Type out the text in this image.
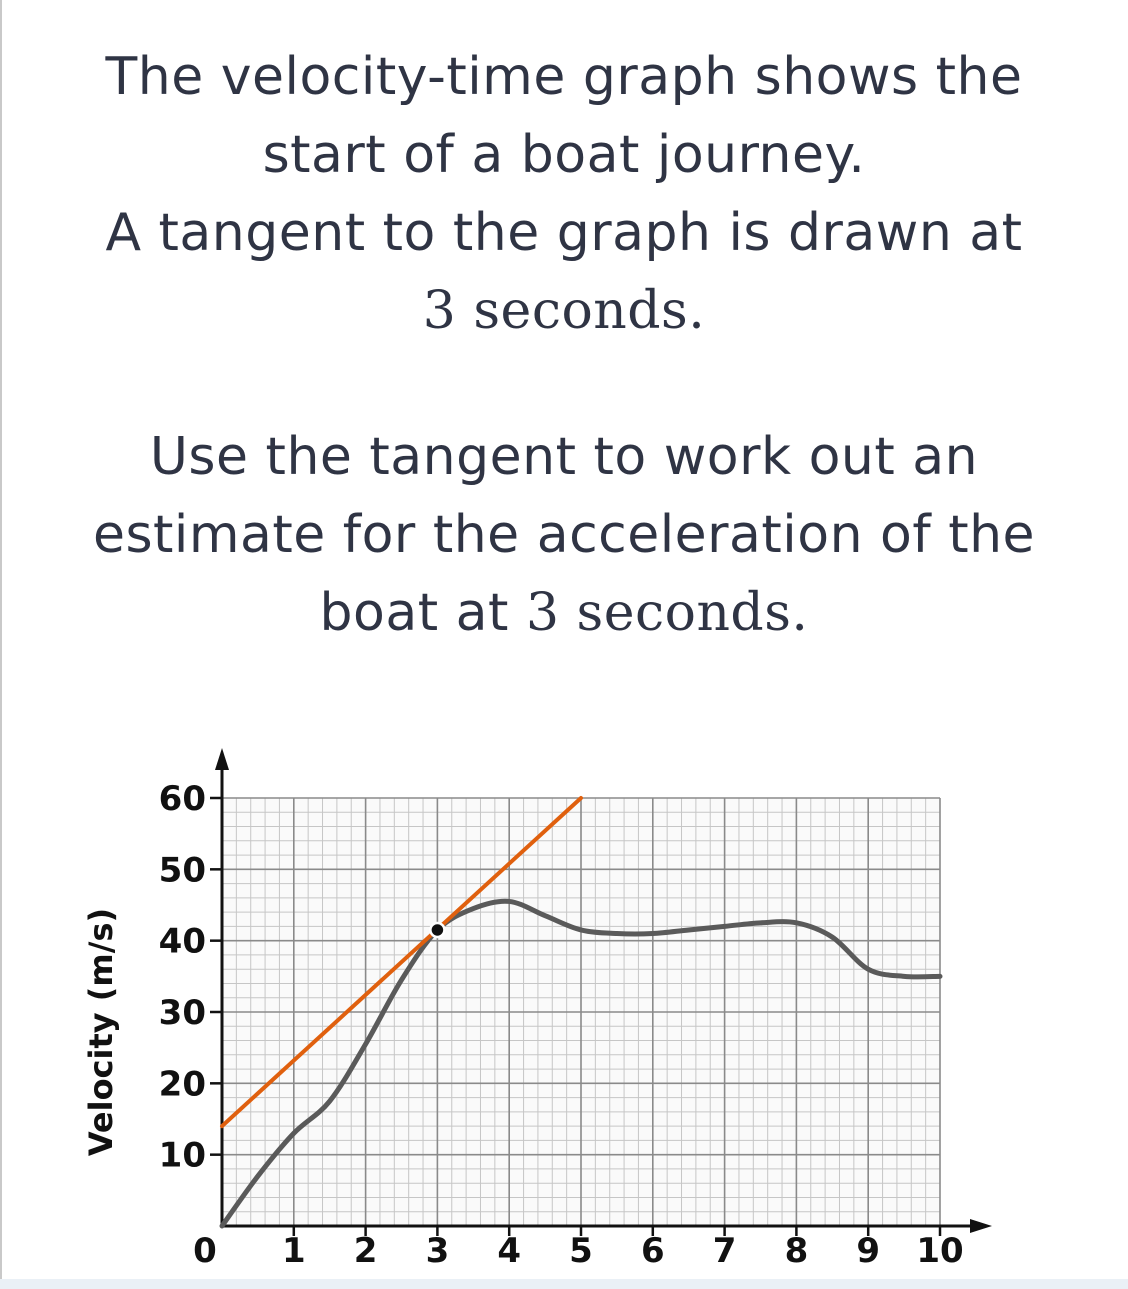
The velocity-time graph shows the
start of a boat journey.
A tangent to the graph is drawn at
3 seconds.
Use the tangent to work out an
estimate for the acceleration of the
boat at 3 seconds.
0 1 2 3 4 5 6 7 8 9 10
10
20
30
40
50
60
Velocity (m/s)
